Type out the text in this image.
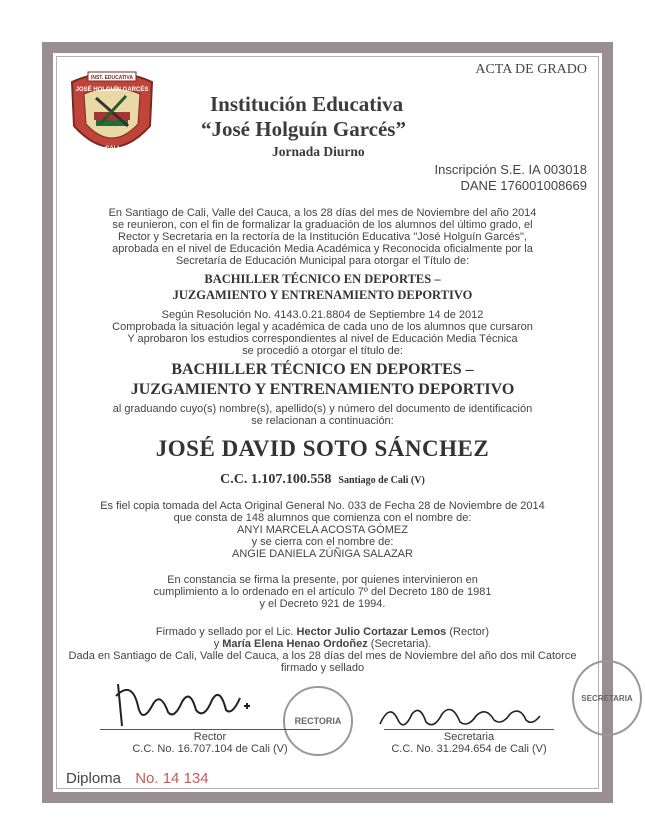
INST. EDUCATIVA
JOSÉ HOLGUÍN GARCÉS
CALI
ACTA DE GRADO
Institución Educativa
“José Holguín Garcés”
Jornada Diurno
Inscripción S.E. IA 003018
DANE 176001008669
En Santiago de Cali, Valle del Cauca, a los 28 días del mes de Noviembre del año 2014
se reunieron, con el fin de formalizar la graduación de los alumnos del último grado, el
Rector y Secretaria en la rectoría de la Institución Educativa "José Holguín Garcés",
aprobada en el nivel de Educación Media Académica y Reconocida oficialmente por la
Secretaría de Educación Municipal para otorgar el Título de:
BACHILLER TÉCNICO EN DEPORTES –
JUZGAMIENTO Y ENTRENAMIENTO DEPORTIVO
Según Resolución No. 4143.0.21.8804 de Septiembre 14 de 2012
Comprobada la situación legal y académica de cada uno de los alumnos que cursaron
Y aprobaron los estudios correspondientes al nivel de Educación Media Técnica
se procedió a otorgar el título de:
BACHILLER TÉCNICO EN DEPORTES –
JUZGAMIENTO Y ENTRENAMIENTO DEPORTIVO
al graduando cuyo(s) nombre(s), apellido(s) y número del documento de identificación
se relacionan a continuación:
JOSÉ DAVID SOTO SÁNCHEZ
C.C. 1.107.100.558 Santiago de Cali (V)
Es fiel copia tomada del Acta Original General No. 033 de Fecha 28 de Noviembre de 2014
que consta de 148 alumnos que comienza con el nombre de:
ANYI MARCELA ACOSTA GÓMEZ
y se cierra con el nombre de:
ANGIE DANIELA ZÚÑIGA SALAZAR
En constancia se firma la presente, por quienes intervinieron en
cumplimiento a lo ordenado en el artículo 7º del Decreto 180 de 1981
y el Decreto 921 de 1994.
Firmado y sellado por el Lic. Hector Julio Cortazar Lemos (Rector)
y María Elena Henao Ordoñez (Secretaria).
Dada en Santiago de Cali, Valle del Cauca, a los 28 días del mes de Noviembre del año dos mil Catorce
firmado y sellado
RECTORIA
SECRETARIA
Rector
C.C. No. 16.707.104 de Cali (V)
Secretaria
C.C. No. 31.294.654 de Cali (V)
Diploma No. 14 134
